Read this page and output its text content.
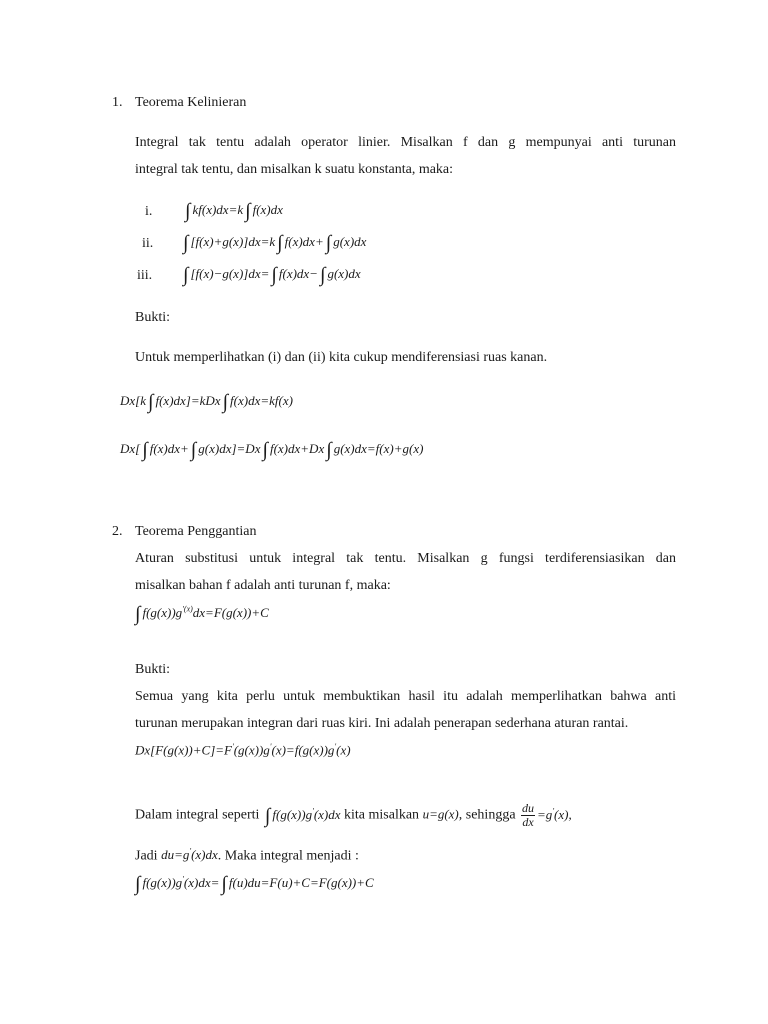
1. Teorema Kelinieran
Integral tak tentu adalah operator linier. Misalkan f dan g mempunyai anti turunan
integral tak tentu, dan misalkan k suatu konstanta, maka:
i. ∫ kf(x)dx=k ∫ f(x)dx
ii. ∫ [f(x)+g(x)]dx=k ∫ f(x)dx+ ∫ g(x)dx
iii. ∫ [f(x)−g(x)]dx= ∫ f(x)dx− ∫ g(x)dx
Bukti:
Untuk memperlihatkan (i) dan (ii) kita cukup mendiferensiasi ruas kanan.
Dx[k ∫ f(x)dx]=kDx ∫ f(x)dx=kf(x)
Dx[ ∫ f(x)dx+ ∫ g(x)dx]=Dx ∫ f(x)dx+Dx ∫ g(x)dx=f(x)+g(x)
2. Teorema Penggantian
Aturan substitusi untuk integral tak tentu. Misalkan g fungsi terdiferensiasikan dan
misalkan bahan f adalah anti turunan f, maka:
∫ $f(g(x))g^{'(x)}dx=F(g(x))+C$
Bukti:
Semua yang kita perlu untuk membuktikan hasil itu adalah memperlihatkan bahwa anti
turunan merupakan integran dari ruas kiri. Ini adalah penerapan sederhana aturan rantai.
Dx[F(g(x))+C]=F'(g(x))g'(x)=f(g(x))g'(x)
Dalam integral seperti ∫ f(g(x))g'(x)dx kita misalkan u=g(x), sehingga $\frac{du}{dx} =g'(x)$,
Jadi du=g'(x)dx. Maka integral menjadi :
∫ f(g(x))g'(x)dx= ∫ f(u)du=F(u)+C=F(g(x))+C
